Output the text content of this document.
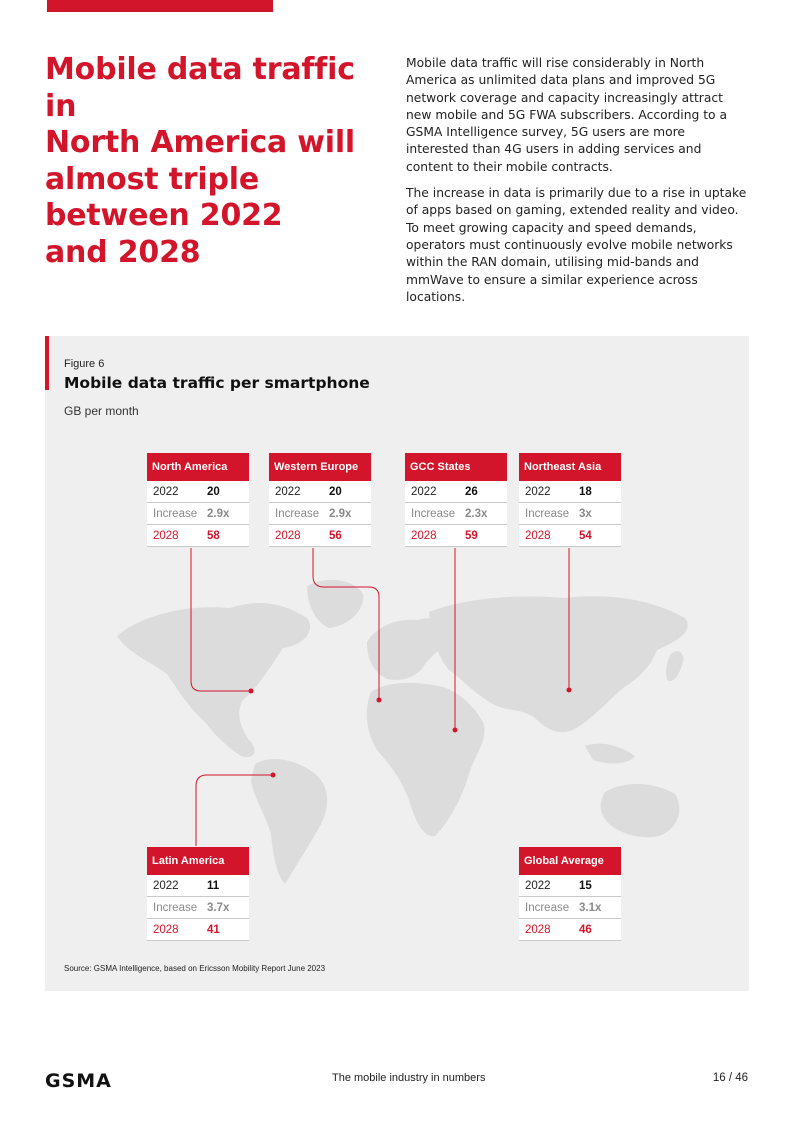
Mobile data traffic in
North America will
almost triple
between 2022
and 2028

Mobile data traffic will rise considerably in North America as unlimited data plans and improved 5G network coverage and capacity increasingly attract new mobile and 5G FWA subscribers. According to a GSMA Intelligence survey, 5G users are more interested than 4G users in adding services and content to their mobile contracts.

The increase in data is primarily due to a rise in uptake of apps based on gaming, extended reality and video. To meet growing capacity and speed demands, operators must continuously evolve mobile networks within the RAN domain, utilising mid-bands and mmWave to ensure a similar experience across locations.

Figure 6
Mobile data traffic per smartphone
GB per month
North America
2022 20
Increase 2.9x
2028 58
Western Europe
2022 20
Increase 2.9x
2028 56
GCC States
2022 26
Increase 2.3x
2028 59
Northeast Asia
2022 18
Increase 3x
2028 54
Latin America
2022 11
Increase 3.7x
2028 41
Global Average
2022 15
Increase 3.1x
2028 46
Source: GSMA Intelligence, based on Ericsson Mobility Report June 2023
GSMA	The mobile industry in numbers	16 / 46
